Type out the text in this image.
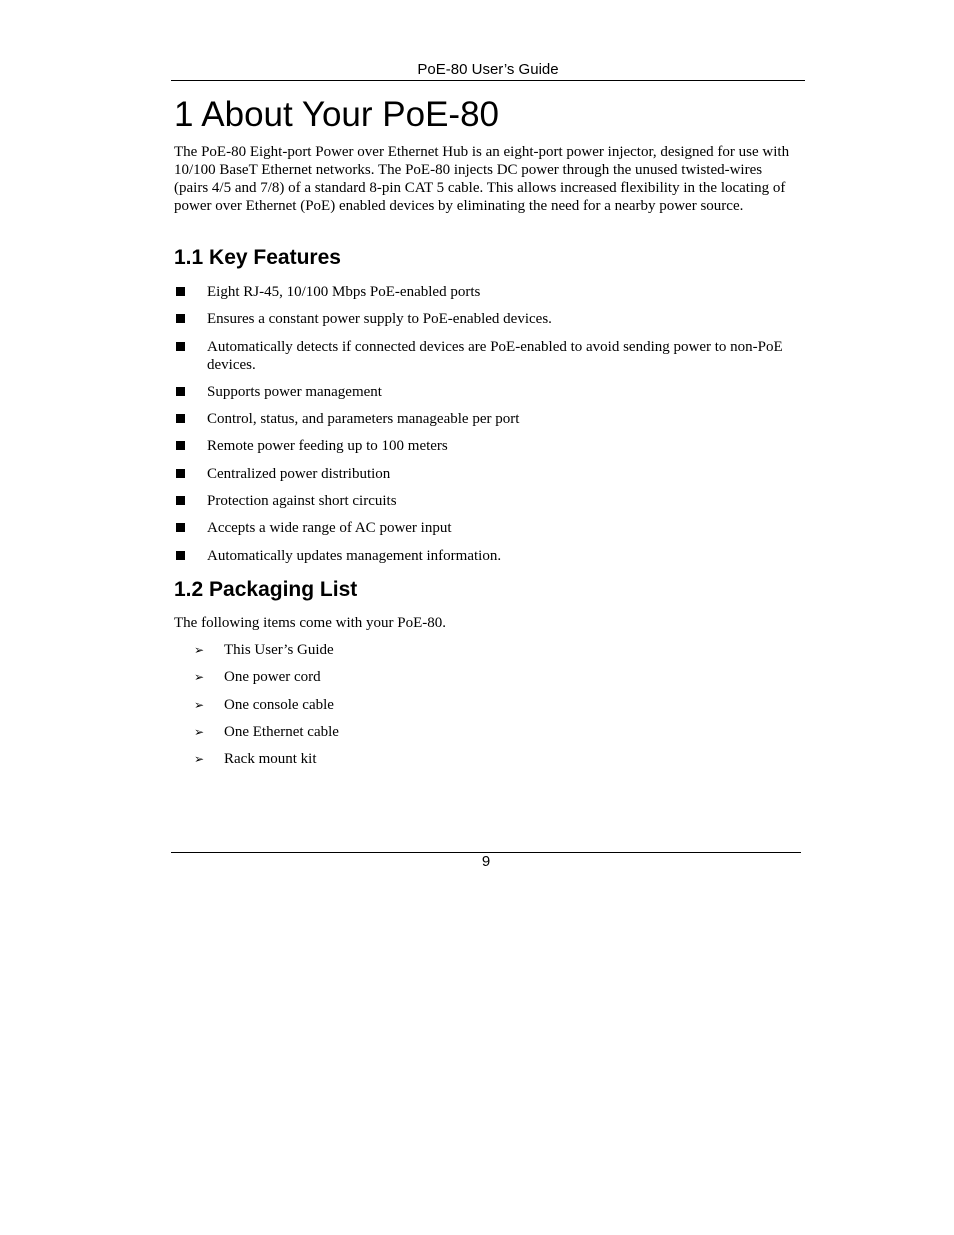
PoE-80 User’s Guide
1 About Your PoE-80

The PoE-80 Eight-port Power over Ethernet Hub is an eight-port power injector, designed for use with 10/100 BaseT Ethernet networks. The PoE-80 injects DC power through the unused twisted-wires (pairs 4/5 and 7/8) of a standard 8-pin CAT 5 cable. This allows increased flexibility in the locating of power over Ethernet (PoE) enabled devices by eliminating the need for a nearby power source.

1.1 Key Features
Eight RJ-45, 10/100 Mbps PoE-enabled ports
Ensures a constant power supply to PoE-enabled devices.
Automatically detects if connected devices are PoE-enabled to avoid sending power to non-PoE devices.
Supports power management
Control, status, and parameters manageable per port
Remote power feeding up to 100 meters
Centralized power distribution
Protection against short circuits
Accepts a wide range of AC power input
Automatically updates management information.
1.2 Packaging List

The following items come with your PoE-80.

➢ This User’s Guide
➢ One power cord
➢ One console cable
➢ One Ethernet cable
➢ Rack mount kit
9
